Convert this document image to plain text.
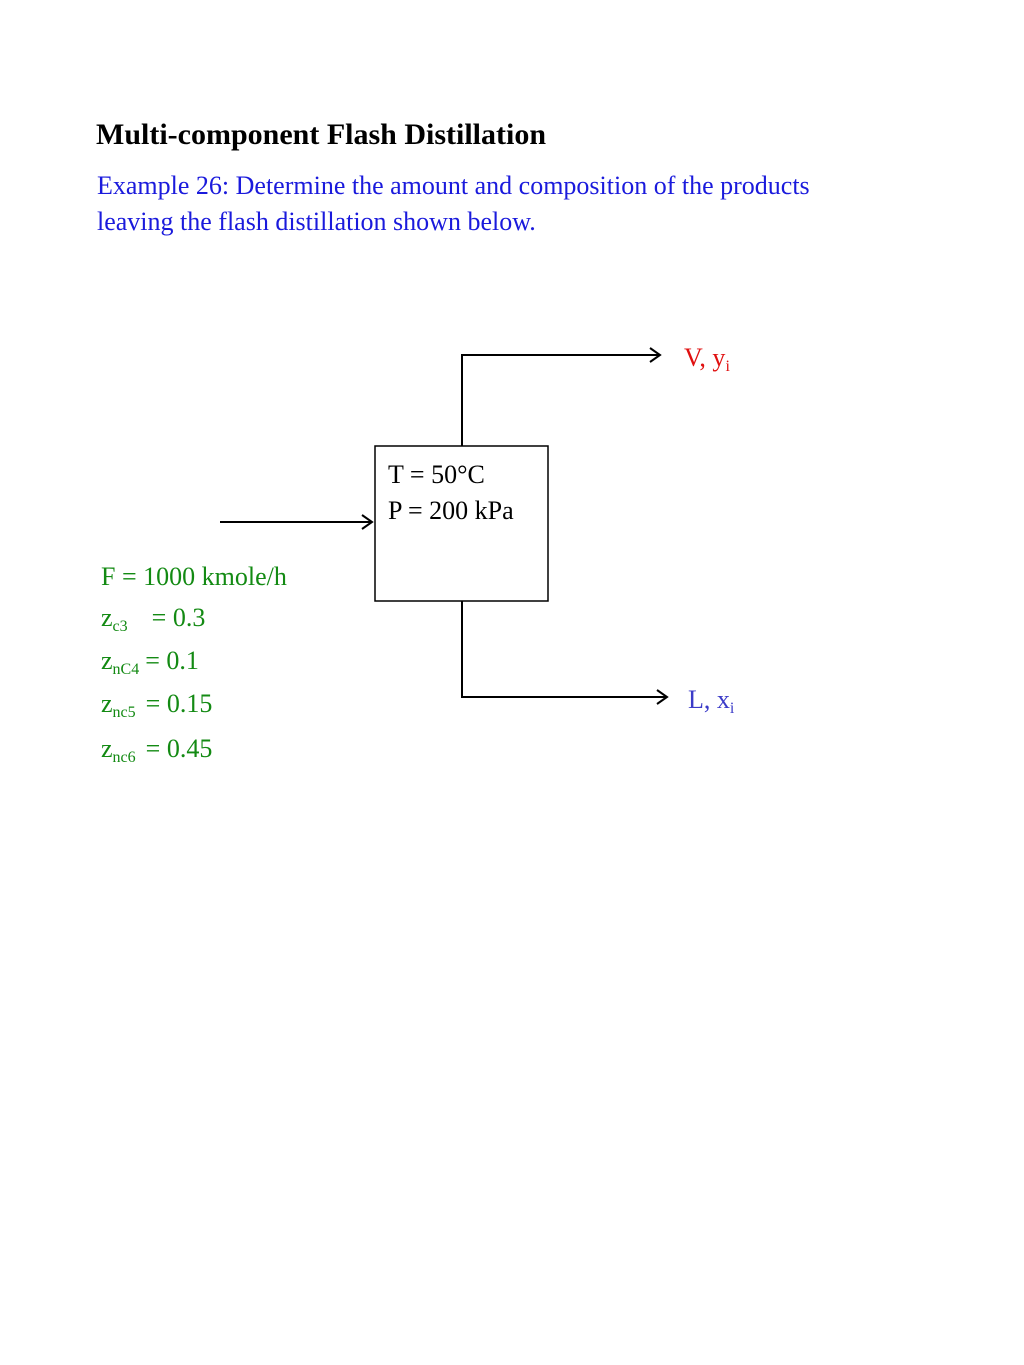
Multi-component Flash Distillation
Example 26: Determine the amount and composition of the products
leaving the flash distillation shown below.
T = 50°C
P = 200 kPa
V, $y_i$
L, $x_i$
F = 1000 kmole/h
$z_{c3} = 0.3$
$z_{nC4} = 0.1$
$z_{nc5} = 0.15$
$z_{nc6} = 0.45$
